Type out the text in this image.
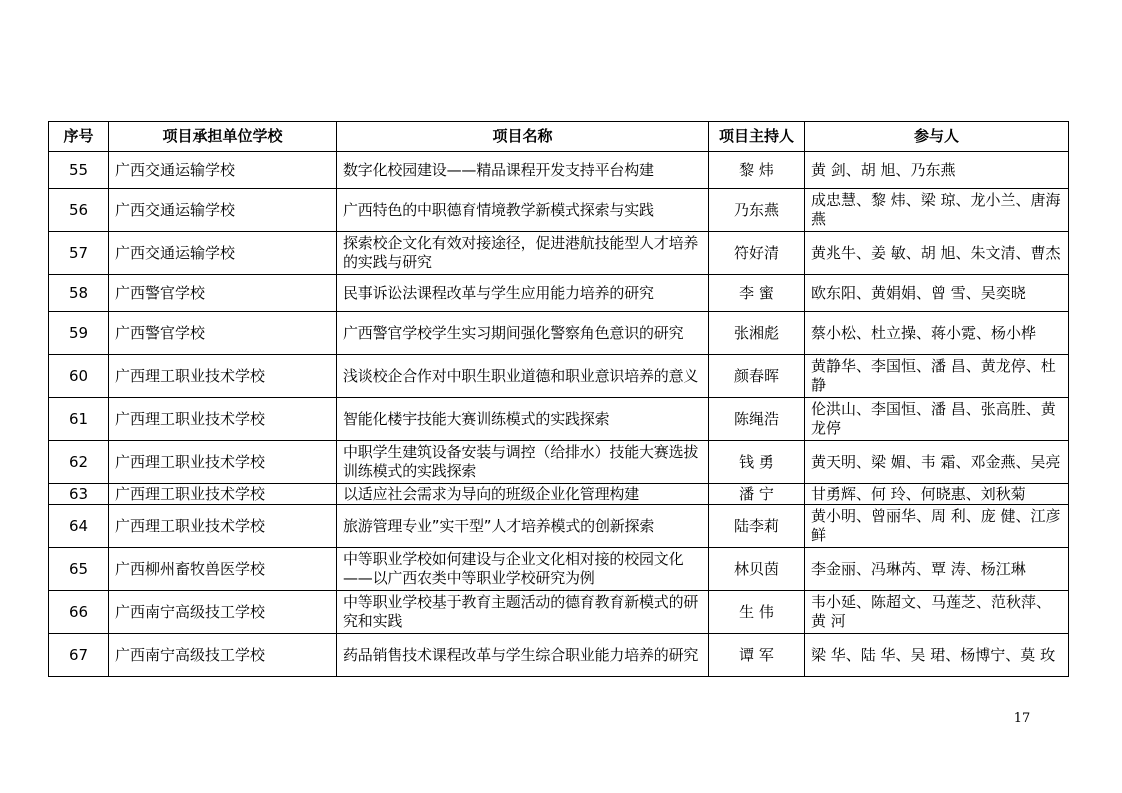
序号	项目承担单位学校	项目名称	项目主持人	参与人
55	广西交通运输学校	数字化校园建设——精品课程开发支持平台构建	黎 炜	黄 剑、胡 旭、乃东燕
56	广西交通运输学校	广西特色的中职德育情境教学新模式探索与实践	乃东燕	成忠慧、黎 炜、梁 琼、龙小兰、唐海燕
57	广西交通运输学校	探索校企文化有效对接途径，促进港航技能型人才培养的实践与研究	符好清	黄兆牛、姜 敏、胡 旭、朱文清、曹杰
58	广西警官学校	民事诉讼法课程改革与学生应用能力培养的研究	李 蜜	欧东阳、黄娟娟、曾 雪、吴奕晓
59	广西警官学校	广西警官学校学生实习期间强化警察角色意识的研究	张湘彪	蔡小松、杜立操、蒋小霓、杨小桦
60	广西理工职业技术学校	浅谈校企合作对中职生职业道德和职业意识培养的意义	颜春晖	黄静华、李国恒、潘 昌、黄龙停、杜 静
61	广西理工职业技术学校	智能化楼宇技能大赛训练模式的实践探索	陈绳浩	伦洪山、李国恒、潘 昌、张高胜、黄龙停
62	广西理工职业技术学校	中职学生建筑设备安装与调控（给排水）技能大赛选拔训练模式的实践探索	钱 勇	黄天明、梁 媚、韦 霜、邓金燕、吴亮
63	广西理工职业技术学校	以适应社会需求为导向的班级企业化管理构建	潘 宁	甘勇辉、何 玲、何晓惠、刘秋菊
64	广西理工职业技术学校	旅游管理专业”实干型”人才培养模式的创新探索	陆李莉	黄小明、曾丽华、周 利、庞 健、江彦鲜
65	广西柳州畜牧兽医学校	中等职业学校如何建设与企业文化相对接的校园文化——以广西农类中等职业学校研究为例	林贝茵	李金丽、冯琳芮、覃 涛、杨江琳
66	广西南宁高级技工学校	中等职业学校基于教育主题活动的德育教育新模式的研究和实践	生 伟	韦小延、陈超文、马莲芝、范秋萍、黄 河
67	广西南宁高级技工学校	药品销售技术课程改革与学生综合职业能力培养的研究	谭 军	梁 华、陆 华、吴 珺、杨博宁、莫 玫
17
